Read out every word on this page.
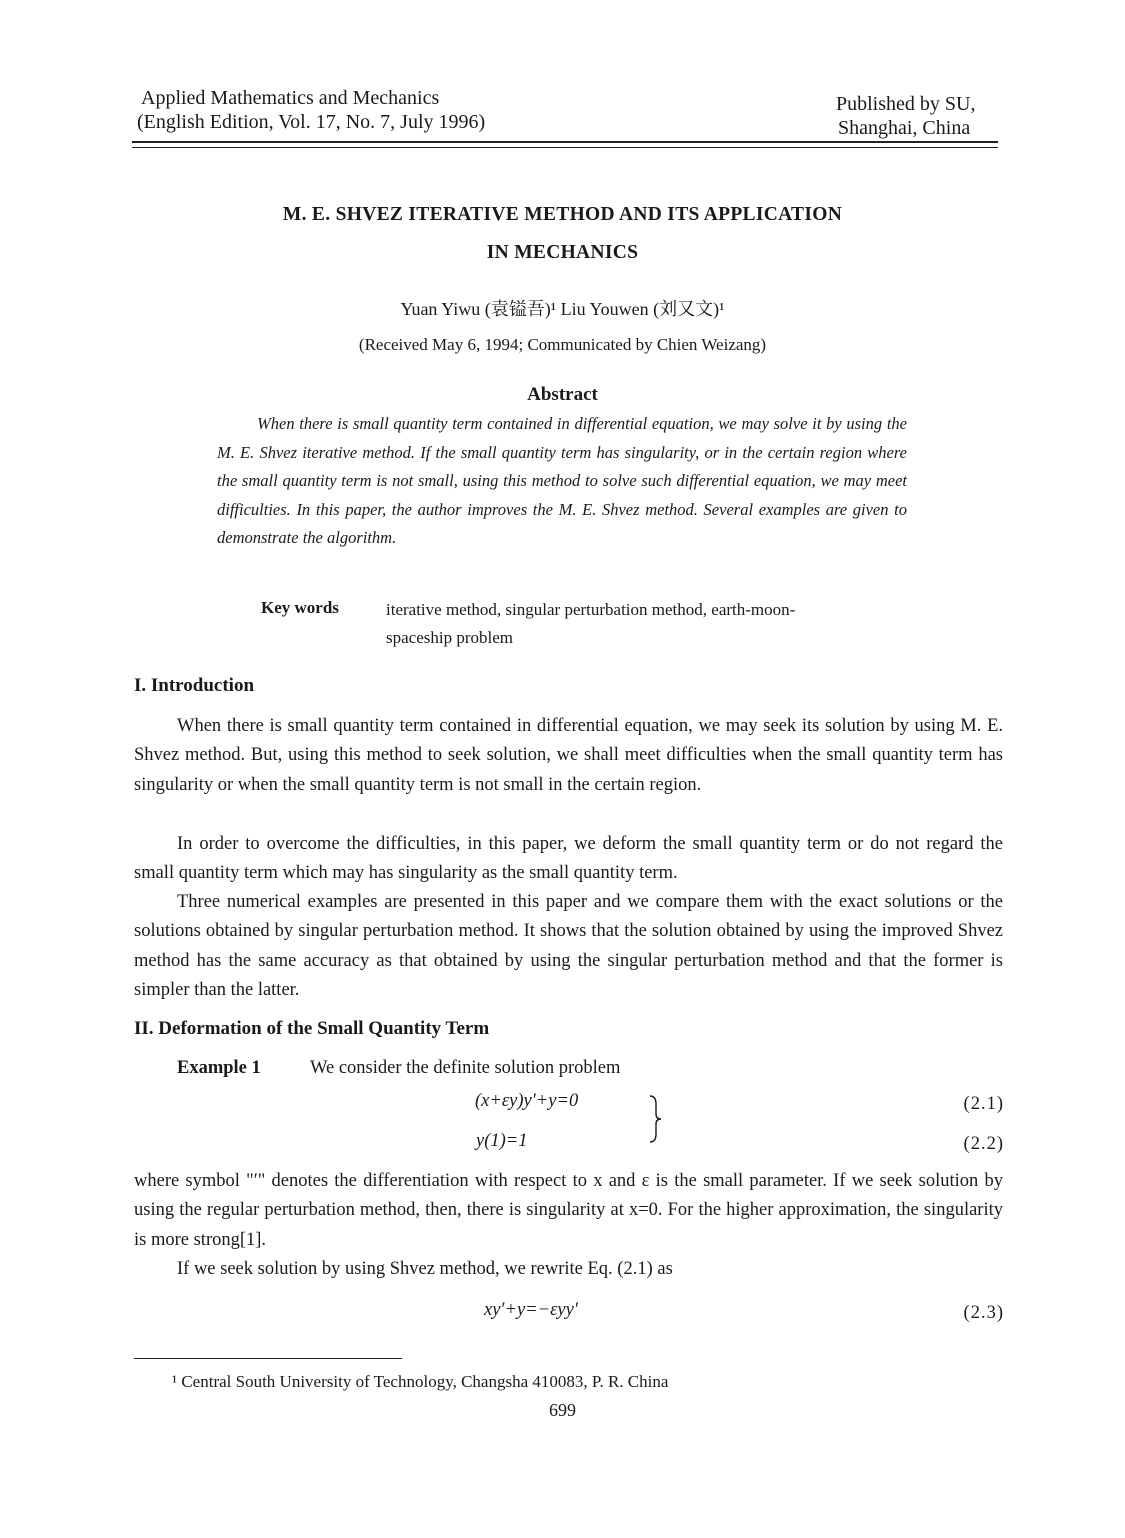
Applied Mathematics and Mechanics
(English Edition, Vol. 17, No. 7, July 1996)
Published by SU,
Shanghai, China
M. E. SHVEZ ITERATIVE METHOD AND ITS APPLICATION
IN MECHANICS
Yuan Yiwu (袁镒吾)¹ Liu Youwen (刘又文)¹
(Received May 6, 1994; Communicated by Chien Weizang)
Abstract
When there is small quantity term contained in differential equation, we may solve it by using the M. E. Shvez iterative method. If the small quantity term has singularity, or in the certain region where the small quantity term is not small, using this method to solve such differential equation, we may meet difficulties. In this paper, the author improves the M. E. Shvez method. Several examples are given to demonstrate the algorithm.
Key words	iterative method, singular perturbation method, earth-moon-
spaceship problem
I. Introduction
When there is small quantity term contained in differential equation, we may seek its solution by using M. E. Shvez method. But, using this method to seek solution, we shall meet difficulties when the small quantity term has singularity or when the small quantity term is not small in the certain region.
In order to overcome the difficulties, in this paper, we deform the small quantity term or do not regard the small quantity term which may has singularity as the small quantity term.
Three numerical examples are presented in this paper and we compare them with the exact solutions or the solutions obtained by singular perturbation method. It shows that the solution obtained by using the improved Shvez method has the same accuracy as that obtained by using the singular perturbation method and that the former is simpler than the latter.
II. Deformation of the Small Quantity Term
Example 1	We consider the definite solution problem
(x+εy)y′+y=0	(2.1)
y(1)=1	(2.2)
where symbol "′" denotes the differentiation with respect to x and ε is the small parameter. If we seek solution by using the regular perturbation method, then, there is singularity at x=0. For the higher approximation, the singularity is more strong[1].
If we seek solution by using Shvez method, we rewrite Eq. (2.1) as
xy′+y=−εyy′	(2.3)
¹ Central South University of Technology, Changsha 410083, P. R. China
699
